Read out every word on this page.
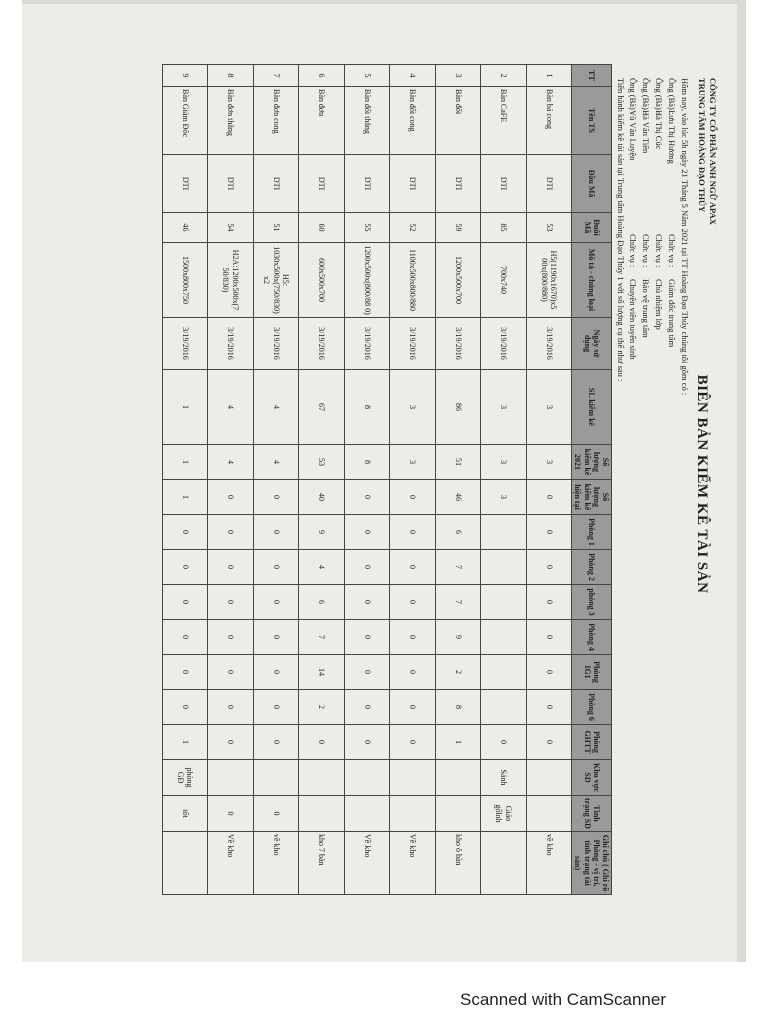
CÔNG TY CỔ PHẦN ANH NGỮ APAX
TRUNG TÂM HOÀNG ĐẠO THÚY
BIÊN BẢN KIỂM KÊ TÀI SẢN
Hôm nay, vào lúc 5h ngày 21 Tháng 5 Năm 2021 tại TT Hoàng Đạo Thúy chúng tôi gồm có :
Ông (Bà) :
Lưu Thị Hương
Chức vụ :
Giám đốc trung tâm
Ông (Bà) :
Hà Thị Cúc
Chức vụ :
Chủ nhiệm lớp
Ông (Bà) :
Hà Văn Tiến
Chức vụ :
Bảo vệ trung tâm
Ông (Bà) :
Vũ Văn Luyện
Chức vụ :
Chuyên viên tuyển sinh
Tiến hành kiểm kê tài sản tại Trung tâm Hoàng Đạo Thúy 1 với số lượng cụ thể như sau :
TT	Tên TS	Đầu Mã	Đuôi Mã	Mô tả - chủng loại	Ngày sử dụng	SL kiểm kê	Số lượng kiểm kê 2021	Số lượng kiểm kê hiện tại	Phòng 1	Phòng 2	phòng 3	Phòng 4	Phòng IG1	Phòng 6	Phòng GHTT	Kho vực SD	Tình trạng SD	Ghi chú ( Ghi rõ Phòng - vị trí, tình trạng tài sản)
1	Bàn bá cong	DTI	53	H5(1190x1670)x5 00x(800/880)	3/19/2016	3	3	0	0	0	0	0	0	0	0			về kho
2	Bàn CaFE	DTI	85	700x740	3/19/2016	3	3	3							0	Sảnh	Giáo gốlnh	
3	Bàn đối	DTI	59	1200x500x700	3/19/2016	86	51	46	6	7	7	9	2	8	1			kho ô bàn
4	Bàn đối cong	DTI	52	1100x500x800/880	3/19/2016	3	3	0	0	0	0	0	0	0	0			Về kho
5	Bàn đối thẳng	DTI	55	1200x500x(800/88 0)	3/19/2016	8	8	0	0	0	0	0	0	0	0			Về kho
6	Bàn đơn	DTI	60	600x500x700	3/19/2016	67	53	40	9	4	6	7	14	2	0			kho 7 bàn
7	Bàn đơn cong	DTI	51	H5: 1030x500x(750/830) x2	3/19/2016	4	4	0	0	0	0	0	0	0	0		0	về kho
8	Bàn đơn thẳng	DTI	54	H2A:1200x500x(7 50/830)	3/19/2016	4	4	0	0	0	0	0	0	0	0		0	Về kho
9	Bàn Giám Đốc	DTI	46	1500x800x750	3/19/2016	1	1	1	0	0	0	0	0	0	1	phòng GĐ	tốt	
Scanned with CamScanner
